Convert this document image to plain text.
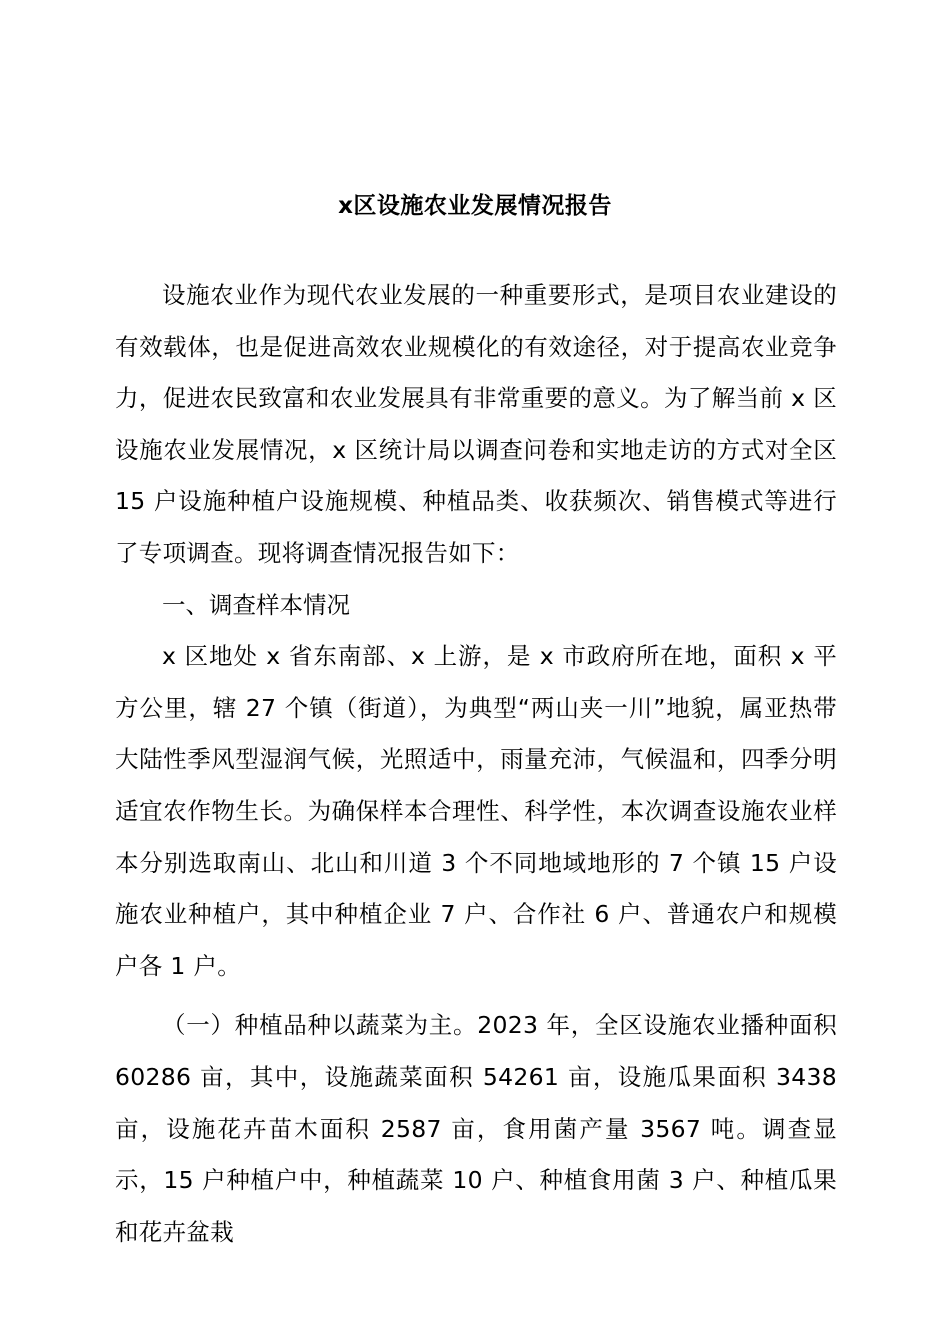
x区设施农业发展情况报告

设施农业作为现代农业发展的一种重要形式，是项目农业建设的有效载体，也是促进高效农业规模化的有效途径，对于提高农业竞争力，促进农民致富和农业发展具有非常重要的意义。为了解当前 x 区设施农业发展情况，x 区统计局以调查问卷和实地走访的方式对全区 15 户设施种植户设施规模、种植品类、收获频次、销售模式等进行了专项调查。现将调查情况报告如下：

一、调查样本情况

x 区地处 x 省东南部、x 上游，是 x 市政府所在地，面积 x 平方公里，辖 27 个镇（街道），为典型“两山夹一川”地貌，属亚热带大陆性季风型湿润气候，光照适中，雨量充沛，气候温和，四季分明适宜农作物生长。为确保样本合理性、科学性，本次调查设施农业样本分别选取南山、北山和川道 3 个不同地域地形的 7 个镇 15 户设施农业种植户，其中种植企业 7 户、合作社 6 户、普通农户和规模户各 1 户。

（一）种植品种以蔬菜为主。2023 年，全区设施农业播种面积 60286 亩，其中，设施蔬菜面积 54261 亩，设施瓜果面积 3438 亩，设施花卉苗木面积 2587 亩，食用菌产量 3567 吨。调查显示，15 户种植户中，种植蔬菜 10 户、种植食用菌 3 户、种植瓜果和花卉盆栽
